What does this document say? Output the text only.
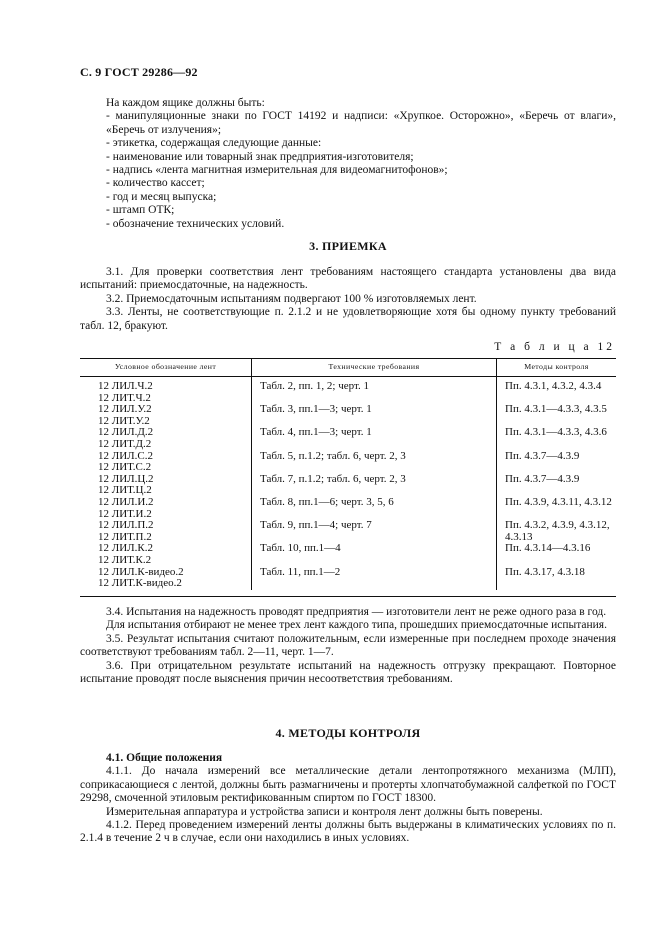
С. 9 ГОСТ 29286—92
На каждом ящике должны быть:
- манипуляционные знаки по ГОСТ 14192 и надписи: «Хрупкое. Осторожно», «Беречь от влаги», «Беречь от излучения»;
- этикетка, содержащая следующие данные:
- наименование или товарный знак предприятия-изготовителя;
- надпись «лента магнитная измерительная для видеомагнитофонов»;
- количество кассет;
- год и месяц выпуска;
- штамп ОТК;
- обозначение технических условий.
3. ПРИЕМКА
3.1. Для проверки соответствия лент требованиям настоящего стандарта установлены два вида испытаний: приемосдаточные, на надежность.
3.2. Приемосдаточным испытаниям подвергают 100 % изготовляемых лент.
3.3. Ленты, не соответствующие п. 2.1.2 и не удовлетворяющие хотя бы одному пункту требований табл. 12, бракуют.
Т а б л и ц а 12
Условное обозначение лент	Технические требования	Методы контроля

12 ЛИЛ.Ч.2
12 ЛИТ.Ч.2	Табл. 2, пп. 1, 2; черт. 1	Пп. 4.3.1, 4.3.2, 4.3.4

12 ЛИЛ.У.2
12 ЛИТ.У.2	Табл. 3, пп.1—3; черт. 1	Пп. 4.3.1—4.3.3, 4.3.5

12 ЛИЛ.Д.2
12 ЛИТ.Д.2	Табл. 4, пп.1—3; черт. 1	Пп. 4.3.1—4.3.3, 4.3.6

12 ЛИЛ.С.2
12 ЛИТ.С.2	Табл. 5, п.1.2; табл. 6, черт. 2, 3	Пп. 4.3.7—4.3.9

12 ЛИЛ.Ц.2
12 ЛИТ.Ц.2	Табл. 7, п.1.2; табл. 6, черт. 2, 3	Пп. 4.3.7—4.3.9

12 ЛИЛ.И.2
12 ЛИТ.И.2	Табл. 8, пп.1—6; черт. 3, 5, 6	Пп. 4.3.9, 4.3.11, 4.3.12

12 ЛИЛ.П.2
12 ЛИТ.П.2	Табл. 9, пп.1—4; черт. 7	Пп. 4.3.2, 4.3.9, 4.3.12, 4.3.13

12 ЛИЛ.К.2
12 ЛИТ.К.2	Табл. 10, пп.1—4	Пп. 4.3.14—4.3.16

12 ЛИЛ.К-видео.2
12 ЛИТ.К-видео.2	Табл. 11, пп.1—2	Пп. 4.3.17, 4.3.18
3.4. Испытания на надежность проводят предприятия — изготовители лент не реже одного раза в год.
Для испытания отбирают не менее трех лент каждого типа, прошедших приемосдаточные испытания.
3.5. Результат испытания считают положительным, если измеренные при последнем проходе значения соответствуют требованиям табл. 2—11, черт. 1—7.
3.6. При отрицательном результате испытаний на надежность отгрузку прекращают. Повторное испытание проводят после выяснения причин несоответствия требованиям.
4. МЕТОДЫ КОНТРОЛЯ
4.1. Общие положения
4.1.1. До начала измерений все металлические детали лентопротяжного механизма (МЛП), соприкасающиеся с лентой, должны быть размагничены и протерты хлопчатобумажной салфеткой по ГОСТ 29298, смоченной этиловым ректификованным спиртом по ГОСТ 18300.
Измерительная аппаратура и устройства записи и контроля лент должны быть поверены.
4.1.2. Перед проведением измерений ленты должны быть выдержаны в климатических условиях по п. 2.1.4 в течение 2 ч в случае, если они находились в иных условиях.
